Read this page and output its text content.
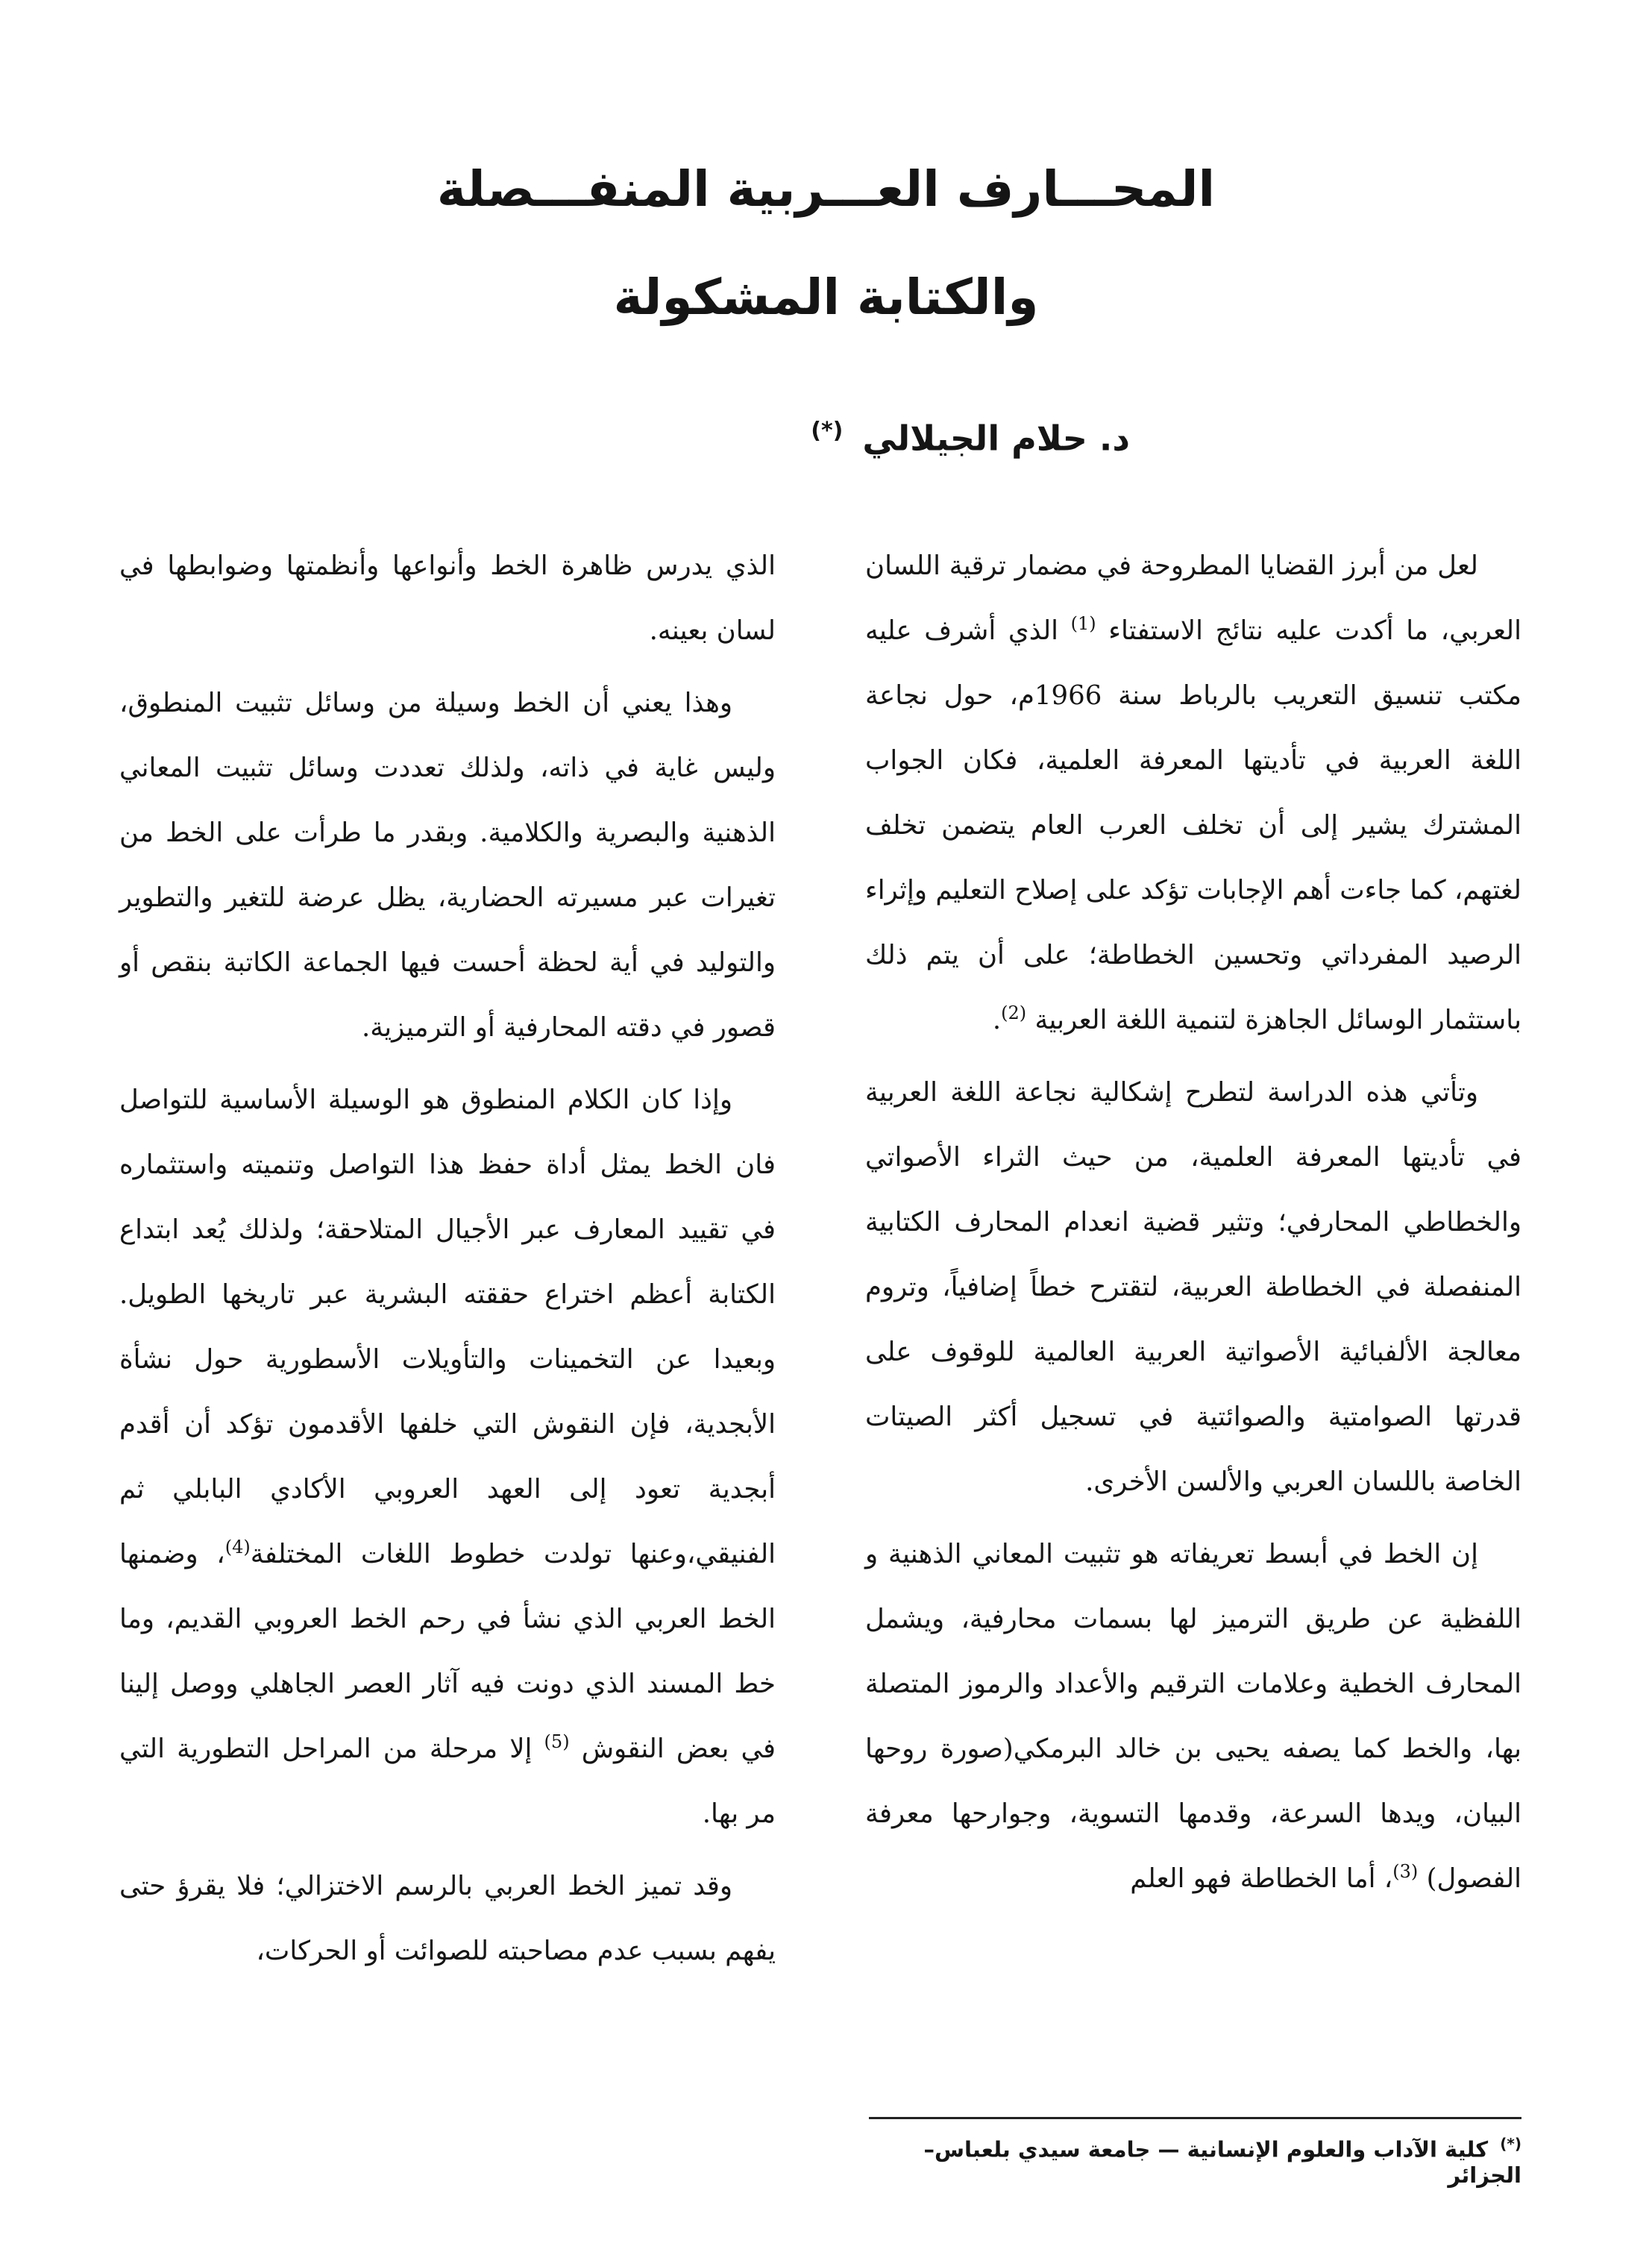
المحـــارف العـــربية المنفـــصلة
والكتابة المشكولة
د. حلام الجيلالي (*)

لعل من أبرز القضايا المطروحة في مضمار ترقية اللسان العربي، ما أكدت عليه نتائج الاستفتاء $^{(1)}$ الذي أشرف عليه مكتب تنسيق التعريب بالرباط سنة 1966م، حول نجاعة اللغة العربية في تأديتها المعرفة العلمية، فكان الجواب المشترك يشير إلى أن تخلف العرب العام يتضمن تخلف لغتهم، كما جاءت أهم الإجابات تؤكد على إصلاح التعليم وإثراء الرصيد المفرداتي وتحسين الخطاطة؛ على أن يتم ذلك باستثمار الوسائل الجاهزة لتنمية اللغة العربية $^{(2)}$.

وتأتي هذه الدراسة لتطرح إشكالية نجاعة اللغة العربية في تأديتها المعرفة العلمية، من حيث الثراء الأصواتي والخطاطي المحارفي؛ وتثير قضية انعدام المحارف الكتابية المنفصلة في الخطاطة العربية، لتقترح خطاً إضافياً، وتروم معالجة الألفبائية الأصواتية العربية العالمية للوقوف على قدرتها الصوامتية والصوائتية في تسجيل أكثر الصيتات الخاصة باللسان العربي والألسن الأخرى.

إن الخط في أبسط تعريفاته هو تثبيت المعاني الذهنية و اللفظية عن طريق الترميز لها بسمات محارفية، ويشمل المحارف الخطية وعلامات الترقيم والأعداد والرموز المتصلة بها، والخط كما يصفه يحيى بن خالد البرمكي(صورة روحها البيان، ويدها السرعة، وقدمها التسوية، وجوارحها معرفة الفصول) $^{(3)}$، أما الخطاطة فهو العلم

الذي يدرس ظاهرة الخط وأنواعها وأنظمتها وضوابطها في لسان بعينه.

وهذا يعني أن الخط وسيلة من وسائل تثبيت المنطوق، وليس غاية في ذاته، ولذلك تعددت وسائل تثبيت المعاني الذهنية والبصرية والكلامية. وبقدر ما طرأت على الخط من تغيرات عبر مسيرته الحضارية، يظل عرضة للتغير والتطوير والتوليد في أية لحظة أحست فيها الجماعة الكاتبة بنقص أو قصور في دقته المحارفية أو الترميزية.

وإذا كان الكلام المنطوق هو الوسيلة الأساسية للتواصل فان الخط يمثل أداة حفظ هذا التواصل وتنميته واستثماره في تقييد المعارف عبر الأجيال المتلاحقة؛ ولذلك يُعد ابتداع الكتابة أعظم اختراع حققته البشرية عبر تاريخها الطويل. وبعيدا عن التخمينات والتأويلات الأسطورية حول نشأة الأبجدية، فإن النقوش التي خلفها الأقدمون تؤكد أن أقدم أبجدية تعود إلى العهد العروبي الأكادي البابلي ثم الفنيقي،وعنها تولدت خطوط اللغات المختلفة$^{(4)}$، وضمنها الخط العربي الذي نشأ في رحم الخط العروبي القديم، وما خط المسند الذي دونت فيه آثار العصر الجاهلي ووصل إلينا في بعض النقوش $^{(5)}$ إلا مرحلة من المراحل التطورية التي مر بها.

وقد تميز الخط العربي بالرسم الاختزالي؛ فلا يقرؤ حتى يفهم بسبب عدم مصاحبته للصوائت أو الحركات،

(*) كلية الآداب والعلوم الإنسانية — جامعة سيدي بلعباس–الجزائر
